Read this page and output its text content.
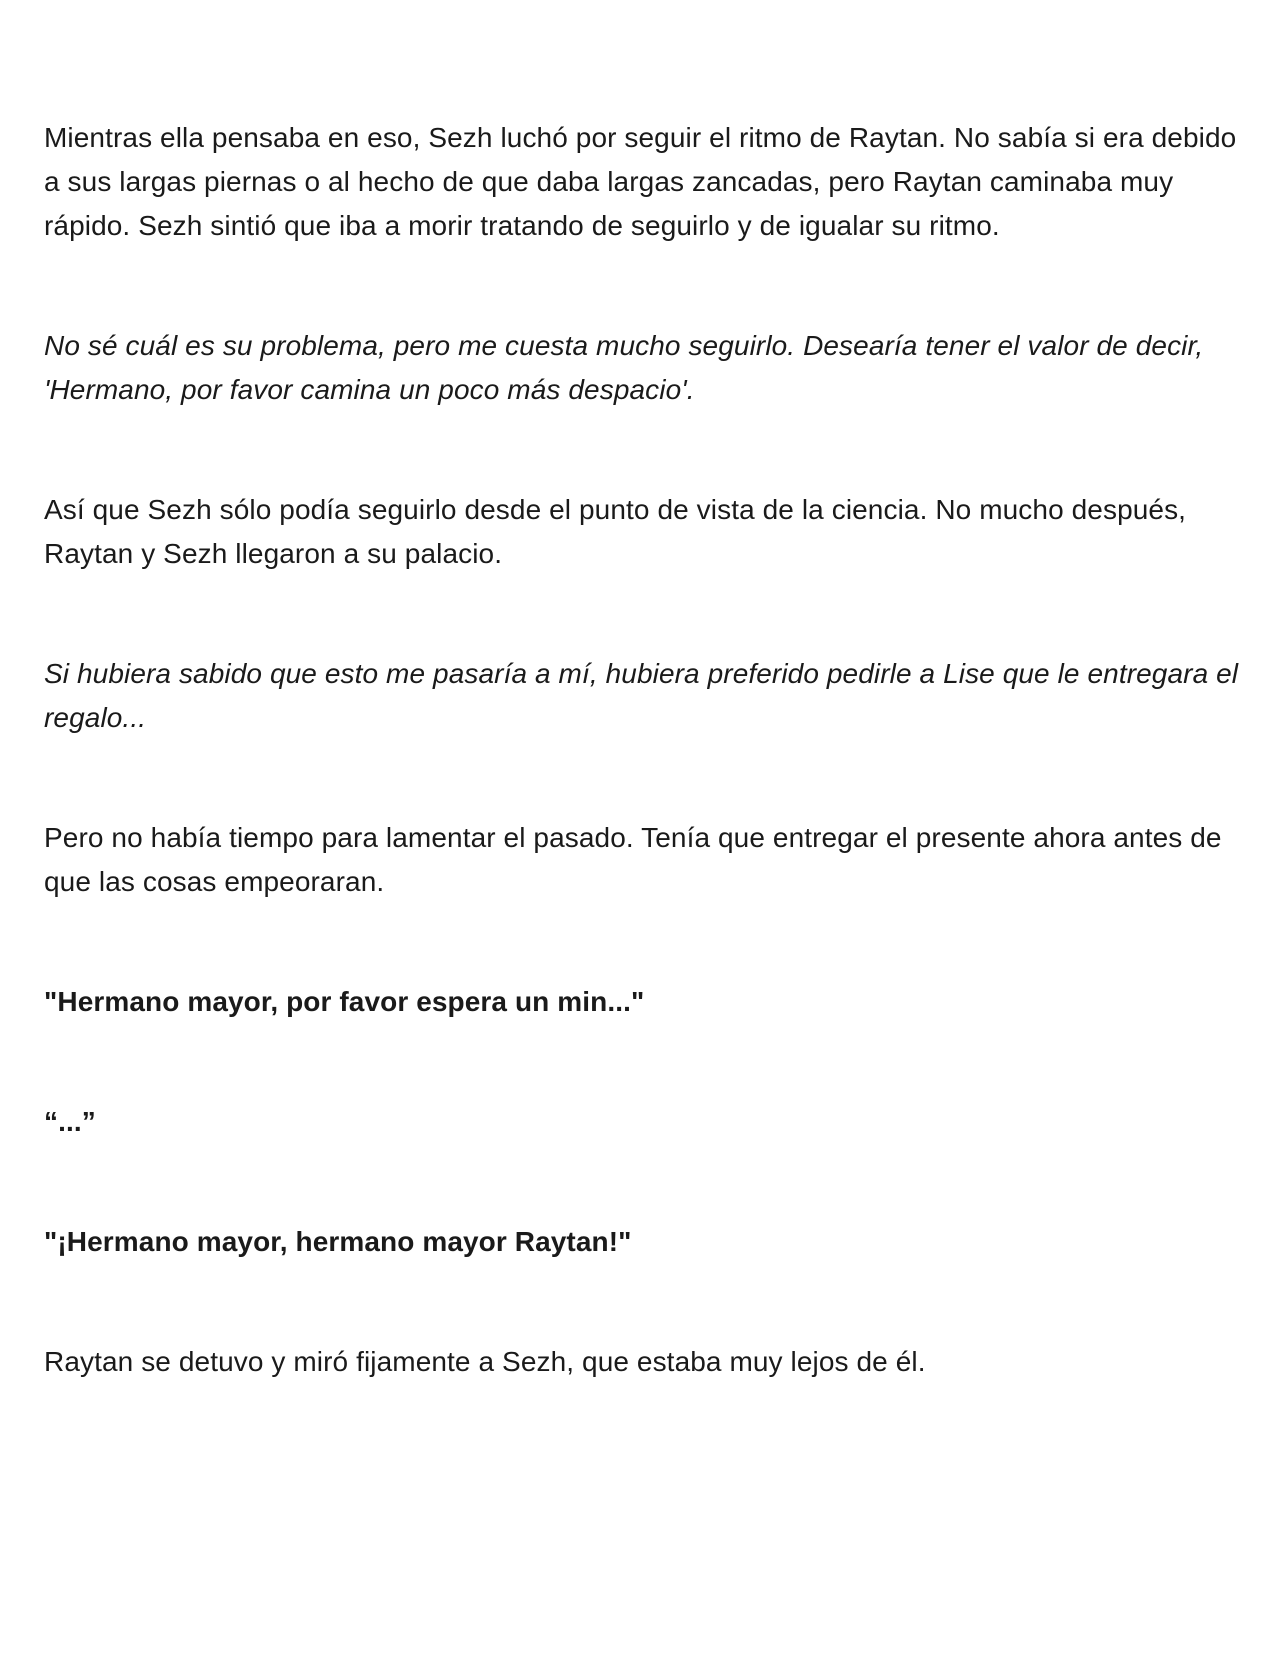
Mientras ella pensaba en eso, Sezh luchó por seguir el ritmo de Raytan. No sabía si era debido a sus largas piernas o al hecho de que daba largas zancadas, pero Raytan caminaba muy rápido. Sezh sintió que iba a morir tratando de seguirlo y de igualar su ritmo.

No sé cuál es su problema, pero me cuesta mucho seguirlo. Desearía tener el valor de decir, 'Hermano, por favor camina un poco más despacio'.

Así que Sezh sólo podía seguirlo desde el punto de vista de la ciencia. No mucho después, Raytan y Sezh llegaron a su palacio.

Si hubiera sabido que esto me pasaría a mí, hubiera preferido pedirle a Lise que le entregara el regalo...

Pero no había tiempo para lamentar el pasado. Tenía que entregar el presente ahora antes de que las cosas empeoraran.

"Hermano mayor, por favor espera un min..."

“...”

"¡Hermano mayor, hermano mayor Raytan!"

Raytan se detuvo y miró fijamente a Sezh, que estaba muy lejos de él.
